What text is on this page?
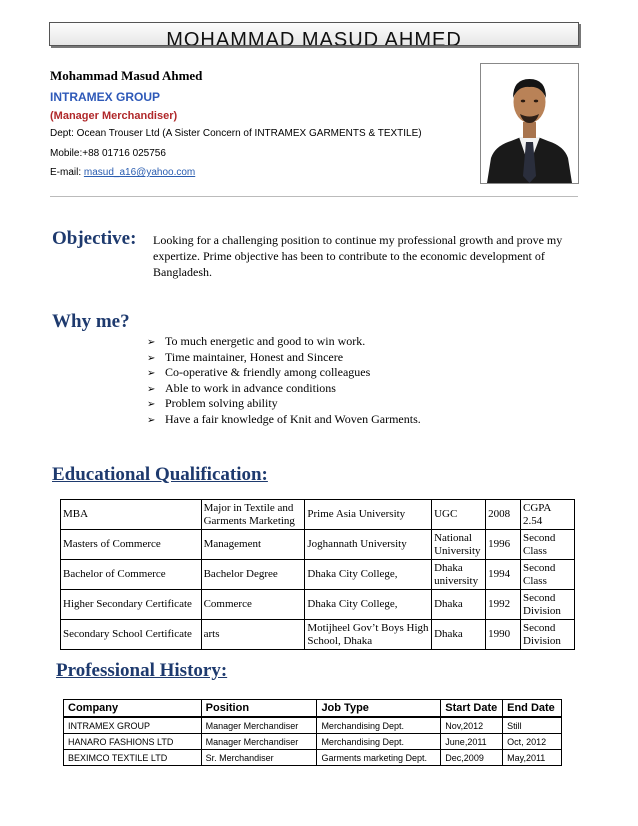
MOHAMMAD MASUD AHMED
Mohammad Masud Ahmed
INTRAMEX GROUP
(Manager Merchandiser)
Dept: Ocean Trouser Ltd (A Sister Concern of INTRAMEX GARMENTS & TEXTILE)
Mobile:+88 01716 025756
E-mail: masud_a16@yahoo.com
Objective: Looking for a challenging position to continue my professional growth and prove my expertize. Prime objective has been to contribute to the economic development of Bangladesh.
Why me?
➢ To much energetic and good to win work.
➢ Time maintainer, Honest and Sincere
➢ Co-operative & friendly among colleagues
➢ Able to work in advance conditions
➢ Problem solving ability
➢ Have a fair knowledge of Knit and Woven Garments.
Educational Qualification:
MBA	Major in Textile and Garments Marketing	Prime Asia University	UGC	2008	CGPA 2.54
Masters of Commerce	Management	Joghannath University	National University	1996	Second Class
Bachelor of Commerce	Bachelor Degree	Dhaka City College,	Dhaka university	1994	Second Class
Higher Secondary Certificate	Commerce	Dhaka City College,	Dhaka	1992	Second Division
Secondary School Certificate	arts	Motijheel Gov’t Boys High School, Dhaka	Dhaka	1990	Second Division
Professional History:
Company	Position	Job Type	Start Date	End Date
INTRAMEX GROUP	Manager Merchandiser	Merchandising Dept.	Nov,2012	Still
HANARO FASHIONS LTD	Manager Merchandiser	Merchandising Dept.	June,2011	Oct, 2012
BEXIMCO TEXTILE LTD	Sr. Merchandiser	Garments marketing Dept.	Dec,2009	May,2011
